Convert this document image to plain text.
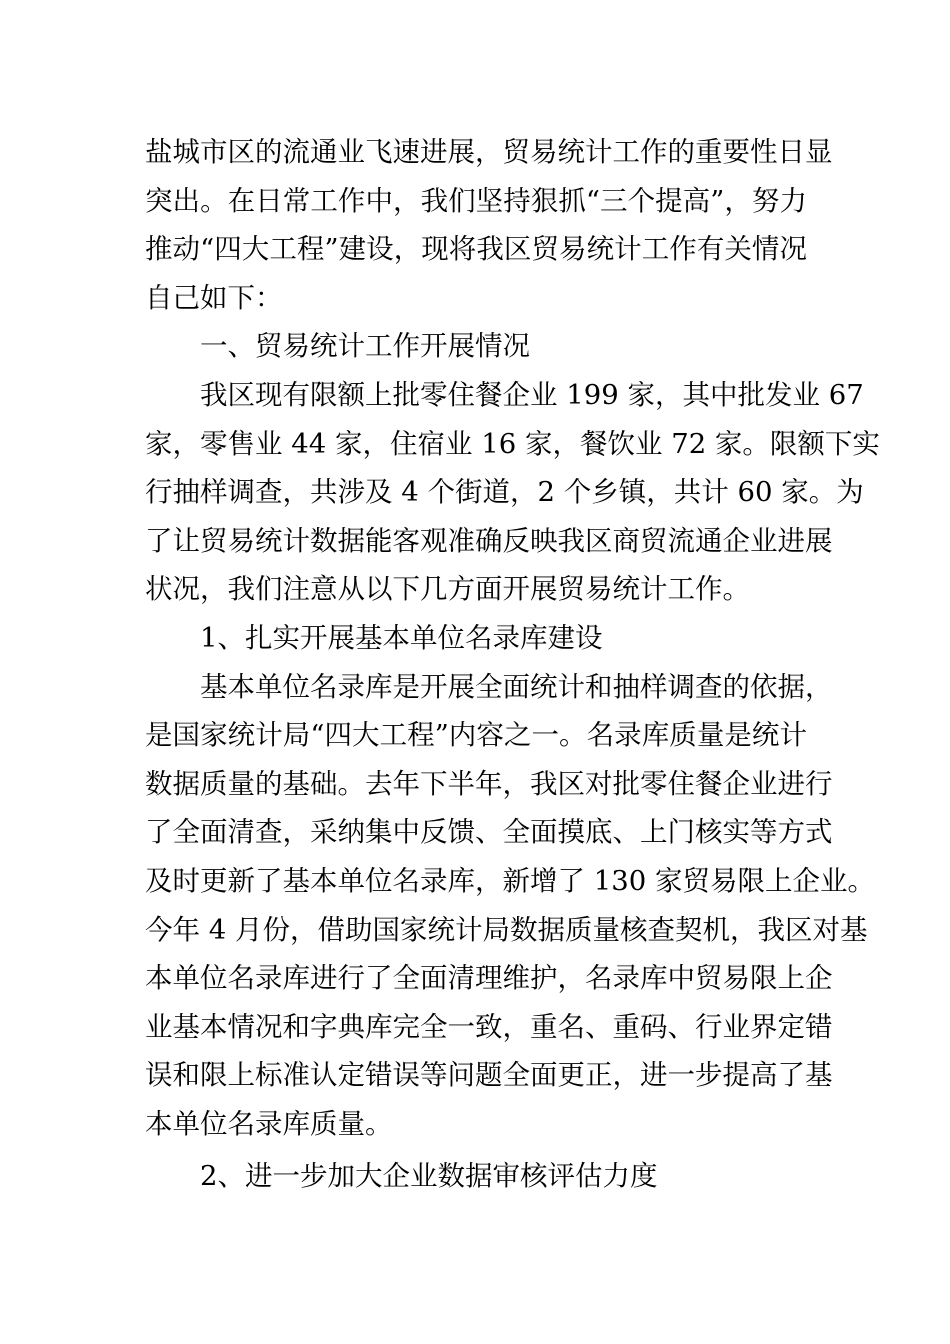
盐城市区的流通业飞速进展，贸易统计工作的重要性日显
突出。在日常工作中，我们坚持狠抓“三个提高”，努力
推动“四大工程”建设，现将我区贸易统计工作有关情况
自己如下：
一、贸易统计工作开展情况
我区现有限额上批零住餐企业 199 家，其中批发业 67
家，零售业 44 家，住宿业 16 家，餐饮业 72 家。限额下实
行抽样调查，共涉及 4 个街道，2 个乡镇，共计 60 家。为
了让贸易统计数据能客观准确反映我区商贸流通企业进展
状况，我们注意从以下几方面开展贸易统计工作。
1、扎实开展基本单位名录库建设
基本单位名录库是开展全面统计和抽样调查的依据，
是国家统计局“四大工程”内容之一。名录库质量是统计
数据质量的基础。去年下半年，我区对批零住餐企业进行
了全面清查，采纳集中反馈、全面摸底、上门核实等方式
及时更新了基本单位名录库，新增了 130 家贸易限上企业。
今年 4 月份，借助国家统计局数据质量核查契机，我区对基
本单位名录库进行了全面清理维护，名录库中贸易限上企
业基本情况和字典库完全一致，重名、重码、行业界定错
误和限上标准认定错误等问题全面更正，进一步提高了基
本单位名录库质量。
2、进一步加大企业数据审核评估力度
